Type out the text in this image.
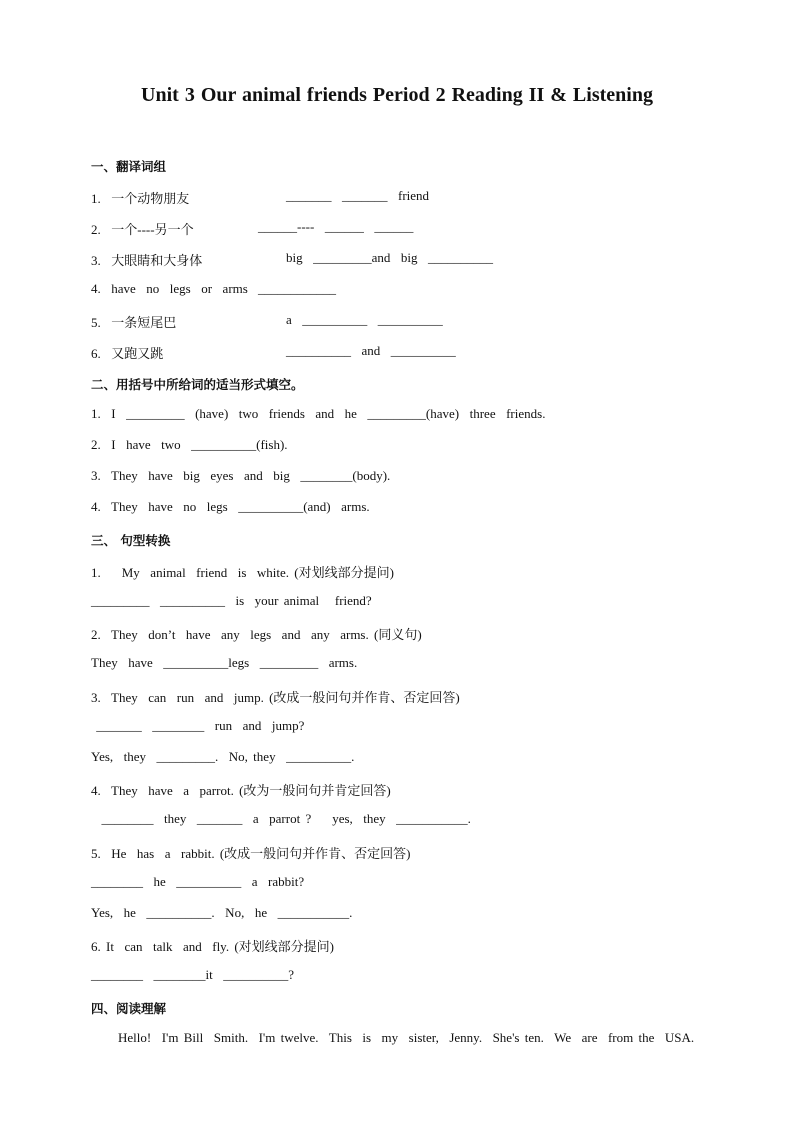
Unit 3 Our animal friends Period 2 Reading II & Listening
一、翻译词组
1.  一个动物朋友	_______  _______  friend
2.  一个----另一个	______----  ______  ______
3.  大眼睛和大身体	big  _________and  big  __________
4.  have  no  legs  or  arms ____________
5.  一条短尾巴	a  __________  __________
6.  又跑又跳	__________  and  __________
二、用括号中所给词的适当形式填空。
1.  I  _________  (have)  two  friends  and  he  _________(have)  three  friends.
2.  I  have  two  __________(fish).
3.  They  have  big  eyes  and  big  ________(body).
4.  They  have  no  legs  __________(and)  arms.
三、 句型转换
1.    My  animal  friend  is  white. (对划线部分提问)
_________  __________  is  your animal   friend?
2.  They  don’t  have  any  legs  and  any  arms. (同义句)
They  have  __________legs  _________  arms.
3.  They  can  run  and  jump. (改成一般问句并作肯、否定回答)
_______  ________  run  and  jump?
Yes,  they  _________.  No, they  __________.
4.  They  have  a  parrot. (改为一般问句并肯定回答)
________  they  _______  a  parrot ?    yes,  they  ___________.
5.  He  has  a  rabbit. (改成一般问句并作肯、否定回答)
________  he  __________  a  rabbit?
Yes,  he  __________.  No,  he  ___________.
6. It  can  talk  and  fly. (对划线部分提问)
________  ________it  __________?
四、阅读理解
Hello!  I'm Bill  Smith.  I'm twelve.  This  is  my  sister,  Jenny.  She's ten.  We  are  from the  USA.
